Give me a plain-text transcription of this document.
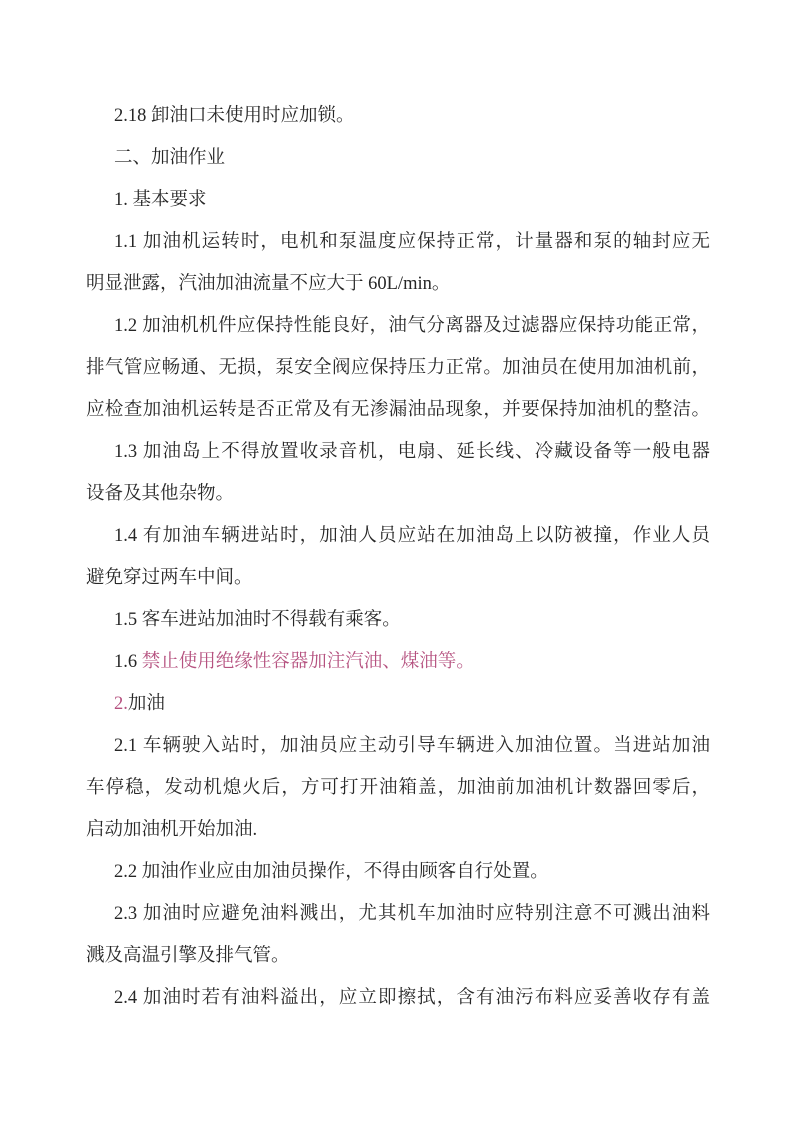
2.18 卸油口未使用时应加锁。
二、加油作业
1. 基本要求
1.1 加油机运转时，电机和泵温度应保持正常，计量器和泵的轴封应无
明显泄露，汽油加油流量不应大于 60L/min。
1.2 加油机机件应保持性能良好，油气分离器及过滤器应保持功能正常，
排气管应畅通、无损，泵安全阀应保持压力正常。加油员在使用加油机前，
应检查加油机运转是否正常及有无渗漏油品现象，并要保持加油机的整洁。
1.3 加油岛上不得放置收录音机，电扇、延长线、冷藏设备等一般电器
设备及其他杂物。
1.4 有加油车辆进站时，加油人员应站在加油岛上以防被撞，作业人员
避免穿过两车中间。
1.5 客车进站加油时不得载有乘客。
1.6 禁止使用绝缘性容器加注汽油、煤油等。
2.加油
2.1 车辆驶入站时，加油员应主动引导车辆进入加油位置。当进站加油
车停稳，发动机熄火后，方可打开油箱盖，加油前加油机计数器回零后，
启动加油机开始加油.
2.2 加油作业应由加油员操作，不得由顾客自行处置。
2.3 加油时应避免油料溅出，尤其机车加油时应特别注意不可溅出油料
溅及高温引擎及排气管。
2.4 加油时若有油料溢出，应立即擦拭，含有油污布料应妥善收存有盖
